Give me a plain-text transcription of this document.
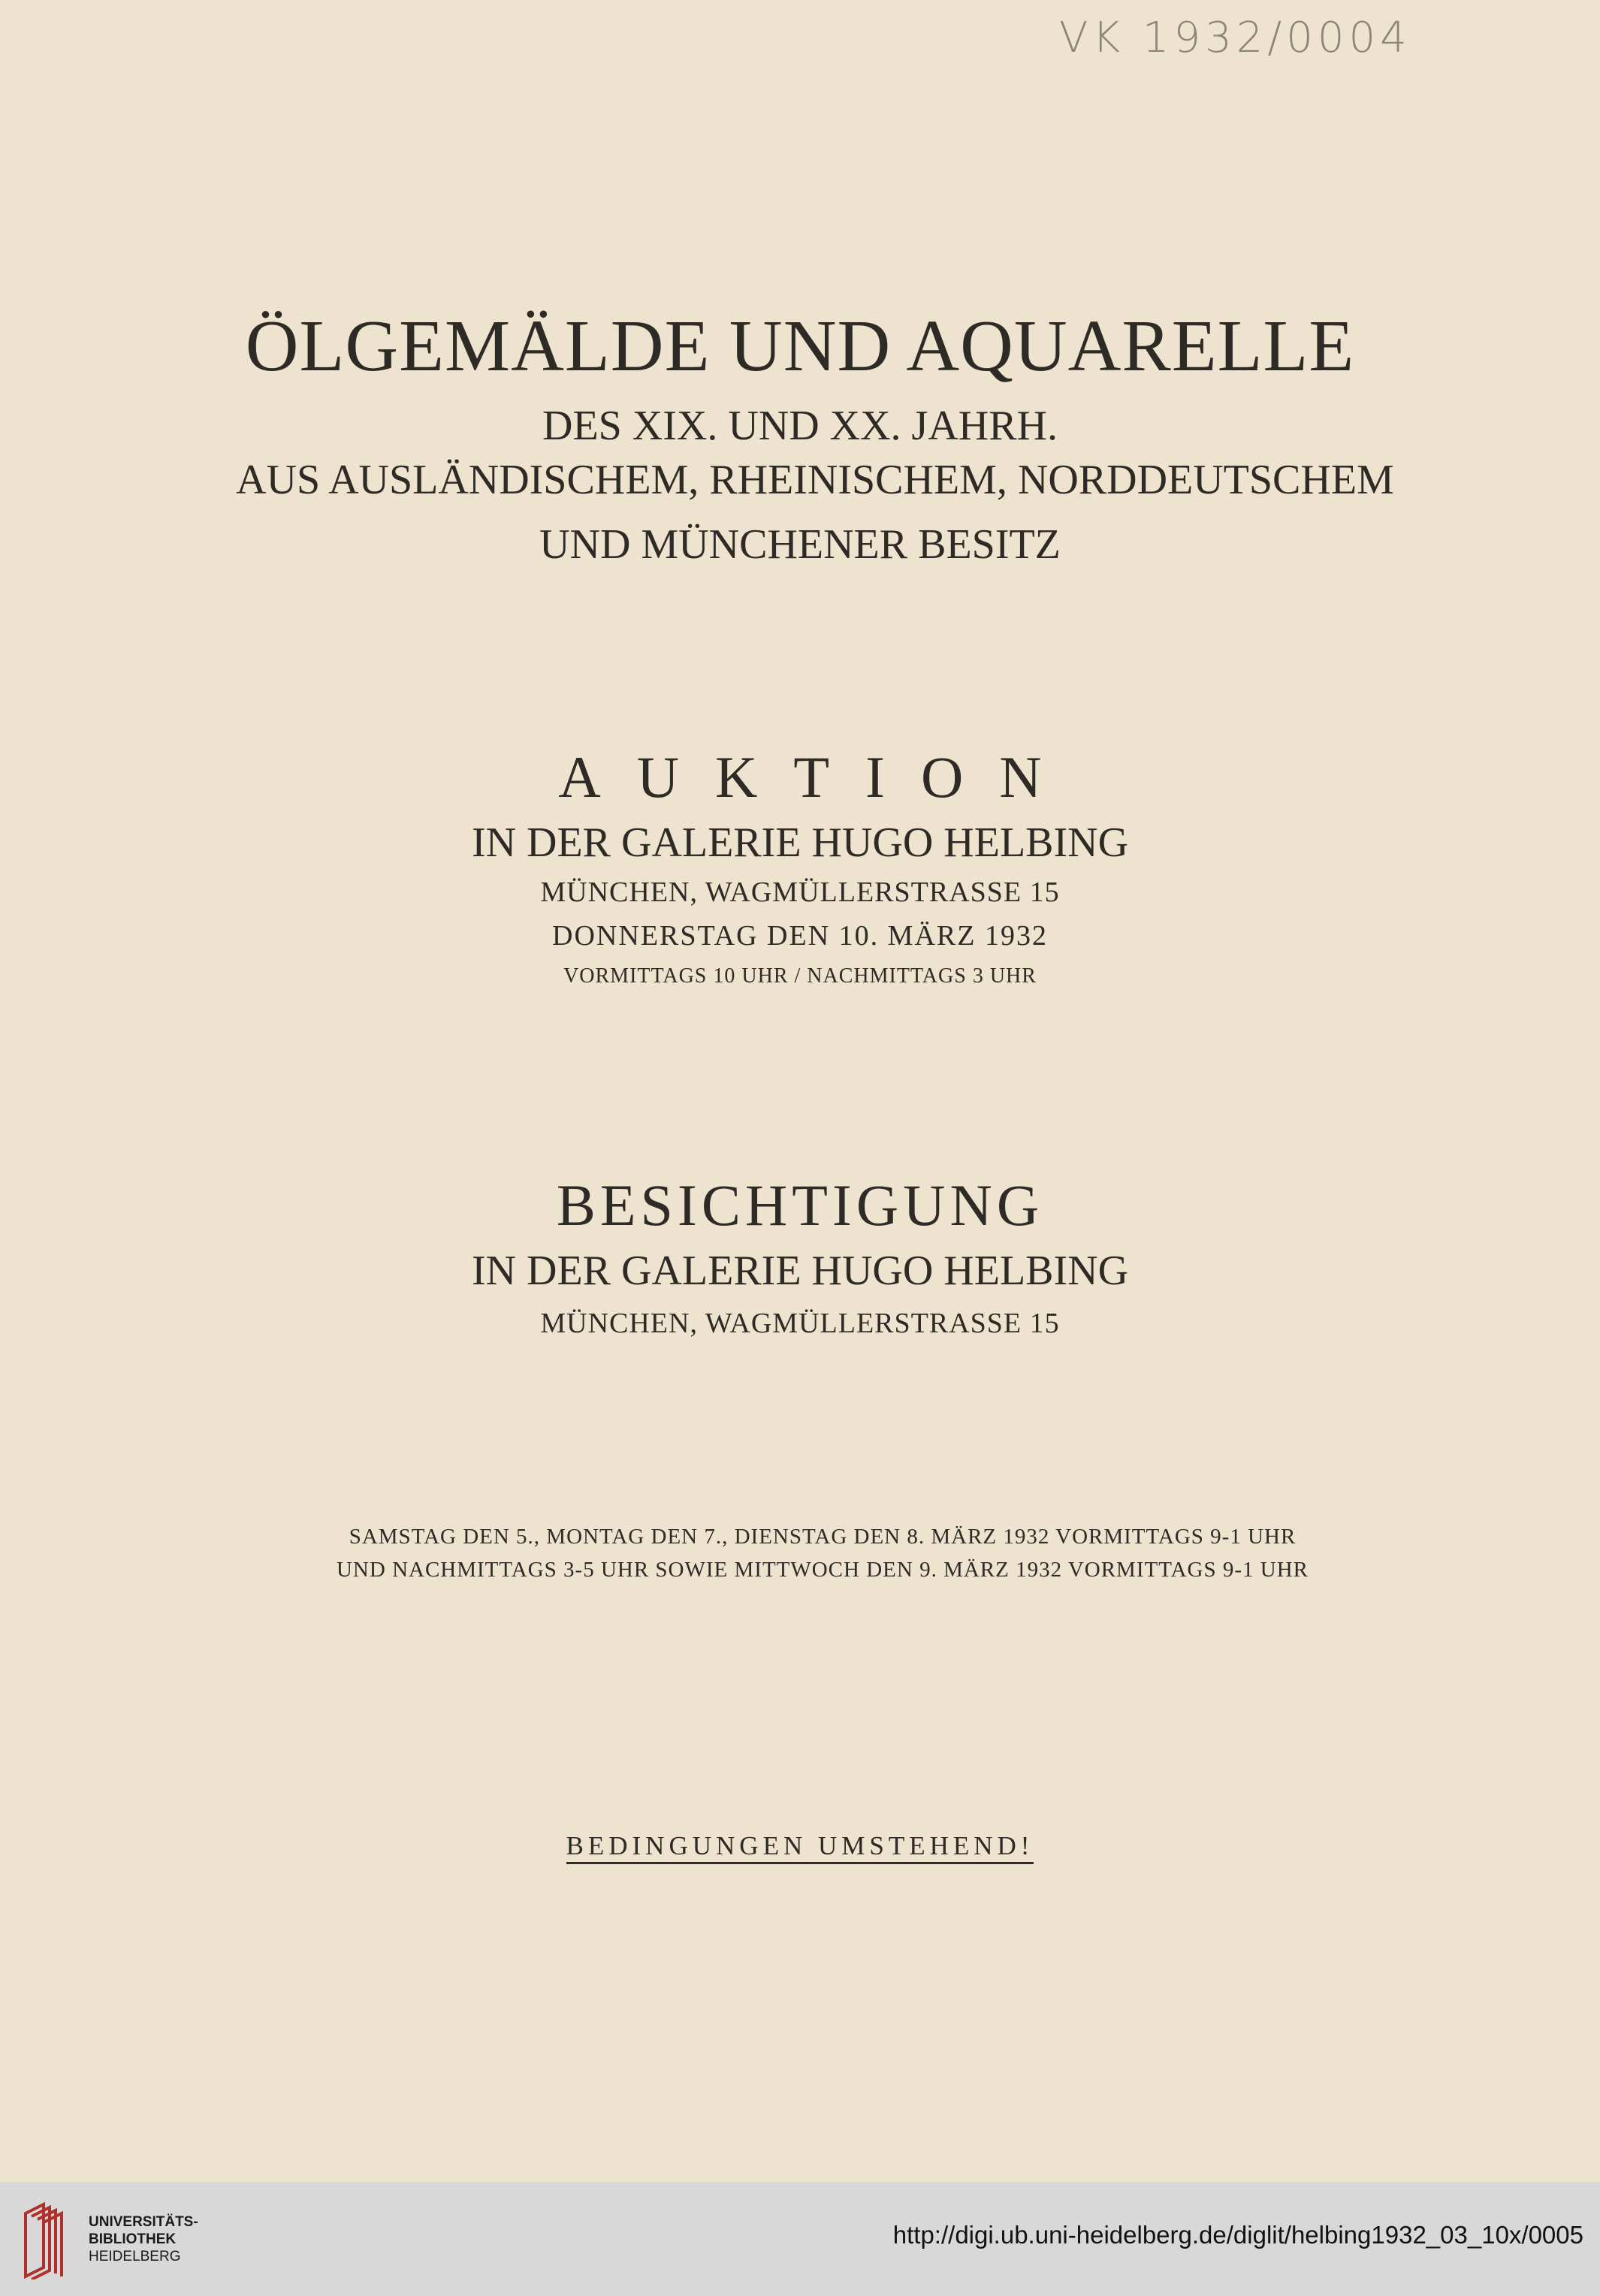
VK 1932/0004
ÖLGEMÄLDE UND AQUARELLE
DES XIX. UND XX. JAHRH.
AUS AUSLÄNDISCHEM, RHEINISCHEM, NORDDEUTSCHEM
UND MÜNCHENER BESITZ
AUKTION
IN DER GALERIE HUGO HELBING
MÜNCHEN, WAGMÜLLERSTRASSE 15
DONNERSTAG DEN 10. MÄRZ 1932
VORMITTAGS 10 UHR / NACHMITTAGS 3 UHR
BESICHTIGUNG
IN DER GALERIE HUGO HELBING
MÜNCHEN, WAGMÜLLERSTRASSE 15
SAMSTAG DEN 5., MONTAG DEN 7., DIENSTAG DEN 8. MÄRZ 1932 VORMITTAGS 9-1 UHR
UND NACHMITTAGS 3-5 UHR SOWIE MITTWOCH DEN 9. MÄRZ 1932 VORMITTAGS 9-1 UHR
BEDINGUNGEN UMSTEHEND!
UNIVERSITÄTS-
BIBLIOTHEK
HEIDELBERG
http://digi.ub.uni-heidelberg.de/diglit/helbing1932_03_10x/0005
